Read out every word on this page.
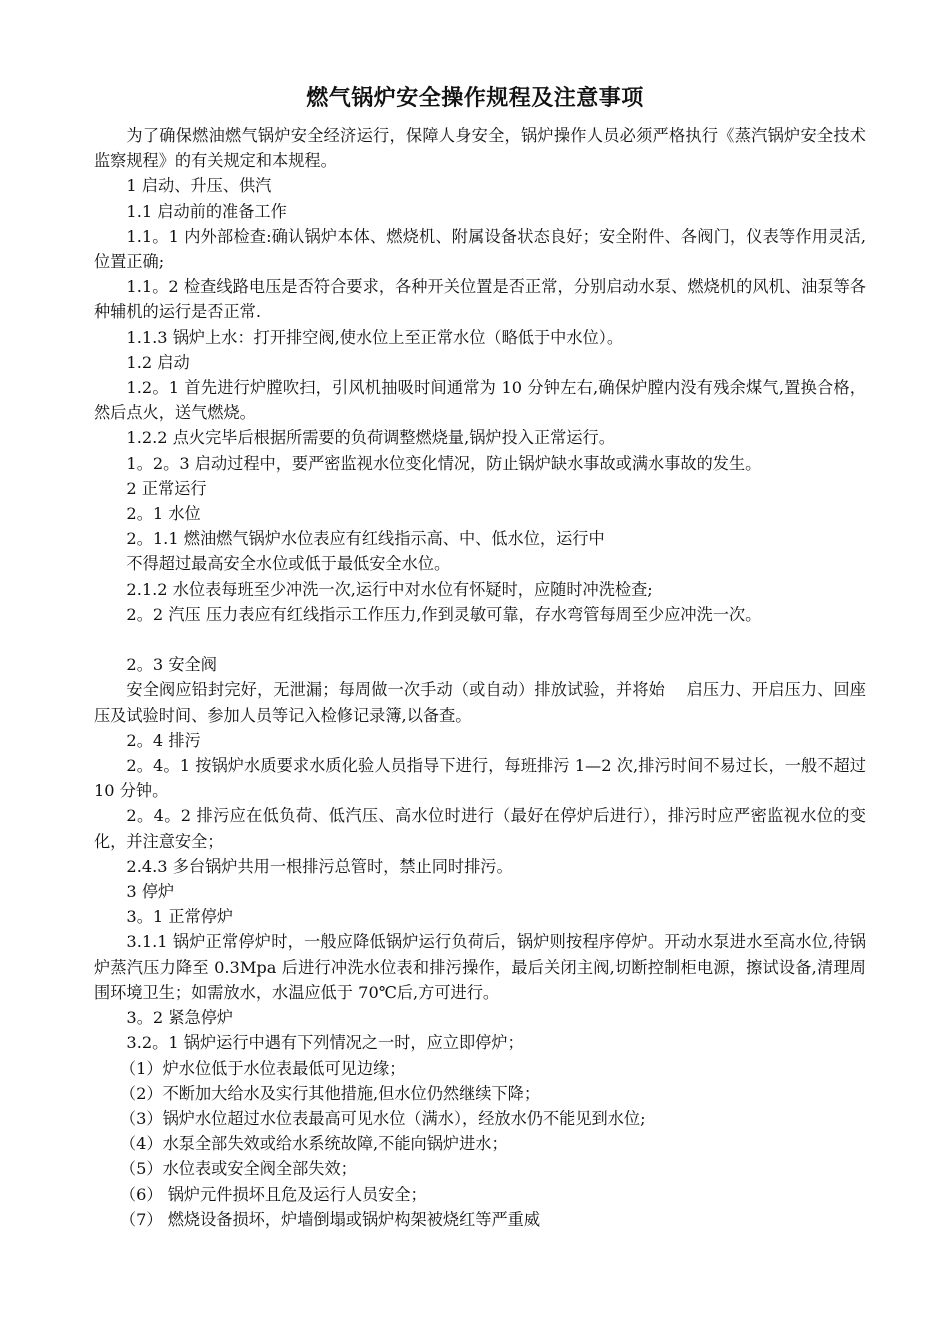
燃气锅炉安全操作规程及注意事项

为了确保燃油燃气锅炉安全经济运行，保障人身安全，锅炉操作人员必须严格执行《蒸汽锅炉安全技术监察规程》的有关规定和本规程。

1 启动、升压、供汽

1.1 启动前的准备工作

1.1。1 内外部检查:确认锅炉本体、燃烧机、附属设备状态良好；安全附件、各阀门，仪表等作用灵活,位置正确;

1.1。2 检查线路电压是否符合要求，各种开关位置是否正常，分别启动水泵、燃烧机的风机、油泵等各种辅机的运行是否正常.

1.1.3 锅炉上水：打开排空阀,使水位上至正常水位（略低于中水位）。

1.2 启动

1.2。1 首先进行炉膛吹扫，引风机抽吸时间通常为 10 分钟左右,确保炉膛内没有残余煤气,置换合格，然后点火，送气燃烧。

1.2.2 点火完毕后根据所需要的负荷调整燃烧量,锅炉投入正常运行。

1。2。3 启动过程中，要严密监视水位变化情况，防止锅炉缺水事故或满水事故的发生。

2 正常运行

2。1 水位

2。1.1 燃油燃气锅炉水位表应有红线指示高、中、低水位，运行中

不得超过最高安全水位或低于最低安全水位。

2.1.2 水位表每班至少冲洗一次,运行中对水位有怀疑时，应随时冲洗检查;

2。2 汽压 压力表应有红线指示工作压力,作到灵敏可靠，存水弯管每周至少应冲洗一次。

2。3 安全阀

安全阀应铅封完好，无泄漏；每周做一次手动（或自动）排放试验，并将始　 启压力、开启压力、回座压及试验时间、参加人员等记入检修记录簿,以备查。

2。4 排污

2。4。1 按锅炉水质要求水质化验人员指导下进行，每班排污 1—2 次,排污时间不易过长，一般不超过 10 分钟。

2。4。2 排污应在低负荷、低汽压、高水位时进行（最好在停炉后进行），排污时应严密监视水位的变化，并注意安全；

2.4.3 多台锅炉共用一根排污总管时，禁止同时排污。

3 停炉

3。1 正常停炉

3.1.1 锅炉正常停炉时，一般应降低锅炉运行负荷后，锅炉则按程序停炉。开动水泵进水至高水位,待锅炉蒸汽压力降至 0.3Mpa 后进行冲洗水位表和排污操作，最后关闭主阀,切断控制柜电源，擦试设备,清理周围环境卫生；如需放水，水温应低于 70℃后,方可进行。

3。2 紧急停炉

3.2。1 锅炉运行中遇有下列情况之一时，应立即停炉；

（1）炉水位低于水位表最低可见边缘；

（2）不断加大给水及实行其他措施,但水位仍然继续下降；

（3）锅炉水位超过水位表最高可见水位（满水），经放水仍不能见到水位;

（4）水泵全部失效或给水系统故障,不能向锅炉进水；

（5）水位表或安全阀全部失效；

（6） 锅炉元件损坏且危及运行人员安全；

（7） 燃烧设备损坏，炉墙倒塌或锅炉构架被烧红等严重威
